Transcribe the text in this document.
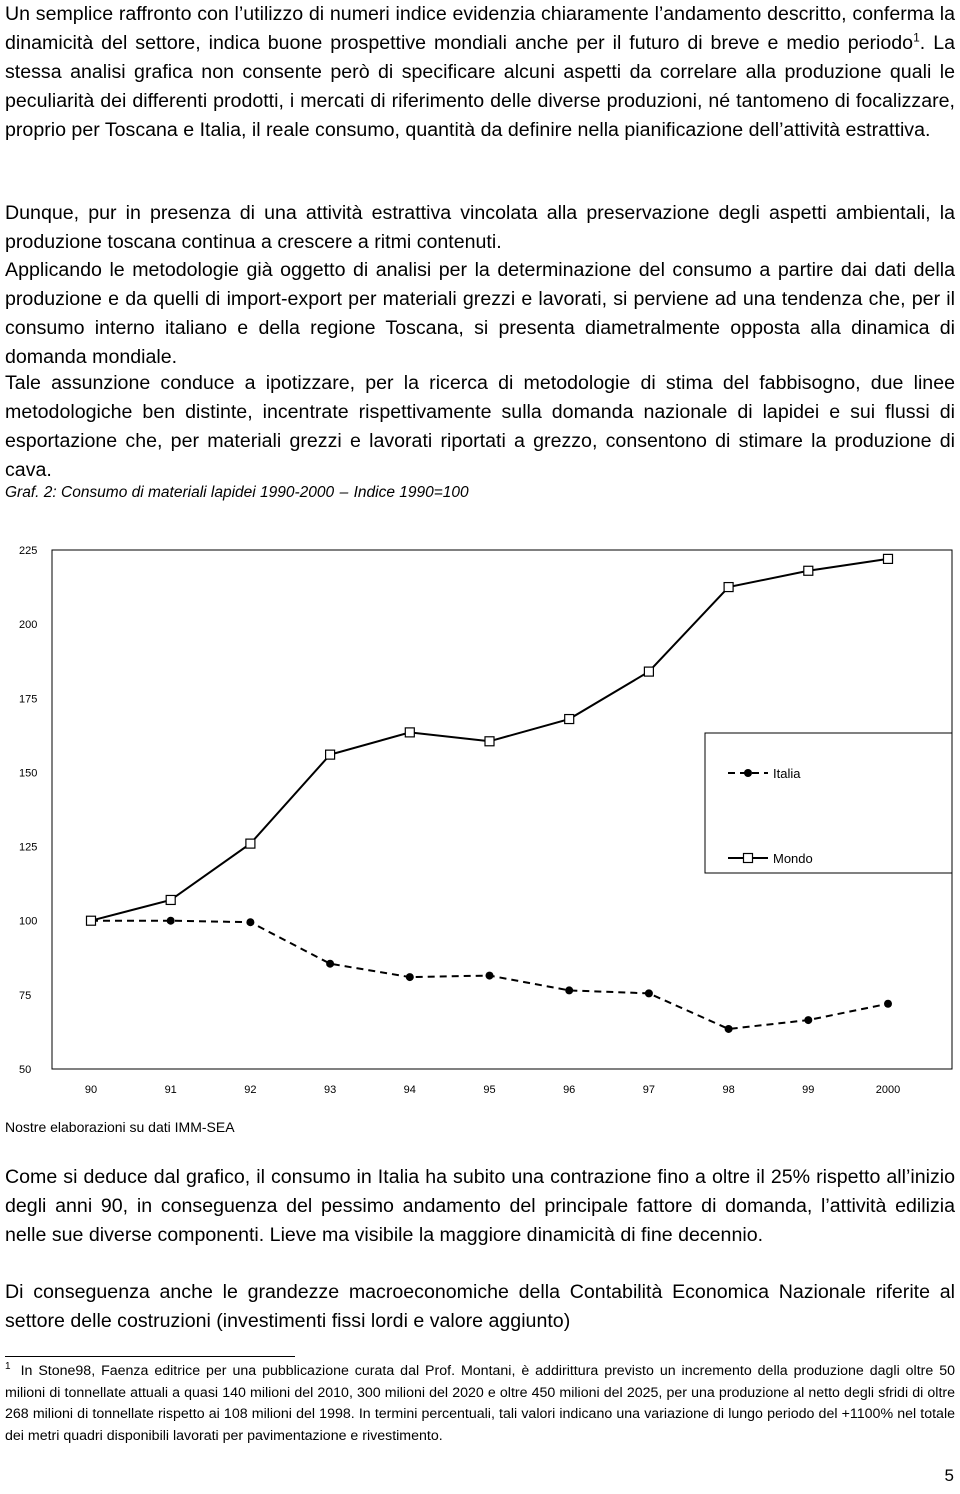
Un semplice raffronto con l’utilizzo di numeri indice evidenzia chiaramente l’andamento descritto, conferma la dinamicità del settore, indica buone prospettive mondiali anche per il futuro di breve e medio periodo$^1$. La stessa analisi grafica non consente però di specificare alcuni aspetti da correlare alla produzione quali le peculiarità dei differenti prodotti, i mercati di riferimento delle diverse produzioni, né tantomeno di focalizzare, proprio per Toscana e Italia, il reale consumo, quantità da definire nella pianificazione dell’attività estrattiva.

Dunque, pur in presenza di una attività estrattiva vincolata alla preservazione degli aspetti ambientali, la produzione toscana continua a crescere a ritmi contenuti.

Applicando le metodologie già oggetto di analisi per la determinazione del consumo a partire dai dati della produzione e da quelli di import-export per materiali grezzi e lavorati, si perviene ad una tendenza che, per il consumo interno italiano e della regione Toscana, si presenta diametralmente opposta alla dinamica di domanda mondiale.

Tale assunzione conduce a ipotizzare, per la ricerca di metodologie di stima del fabbisogno, due linee metodologiche ben distinte, incentrate rispettivamente sulla domanda nazionale di lapidei e sui flussi di esportazione che, per materiali grezzi e lavorati riportati a grezzo, consentono di stimare la produzione di cava.

Graf. 2: Consumo di materiali lapidei 1990-2000 – Indice 1990=100
225
200
175
150
125
100
75
50
90	91	92	93	94	95	96	97	98	99	2000
Italia
Mondo
Nostre elaborazioni su dati IMM-SEA

Come si deduce dal grafico, il consumo in Italia ha subito una contrazione fino a oltre il 25% rispetto all’inizio degli anni 90, in conseguenza del pessimo andamento del principale fattore di domanda, l’attività edilizia nelle sue diverse componenti. Lieve ma visibile la maggiore dinamicità di fine decennio.

Di conseguenza anche le grandezze macroeconomiche della Contabilità Economica Nazionale riferite al settore delle costruzioni (investimenti fissi lordi e valore aggiunto)

$^1$ In Stone98, Faenza editrice per una pubblicazione curata dal Prof. Montani, è addirittura previsto un incremento della produzione dagli oltre 50 milioni di tonnellate attuali a quasi 140 milioni del 2010, 300 milioni del 2020 e oltre 450 milioni del 2025, per una produzione al netto degli sfridi di oltre 268 milioni di tonnellate rispetto ai 108 milioni del 1998. In termini percentuali, tali valori indicano una variazione di lungo periodo del +1100% nel totale dei metri quadri disponibili lavorati per pavimentazione e rivestimento.

5
